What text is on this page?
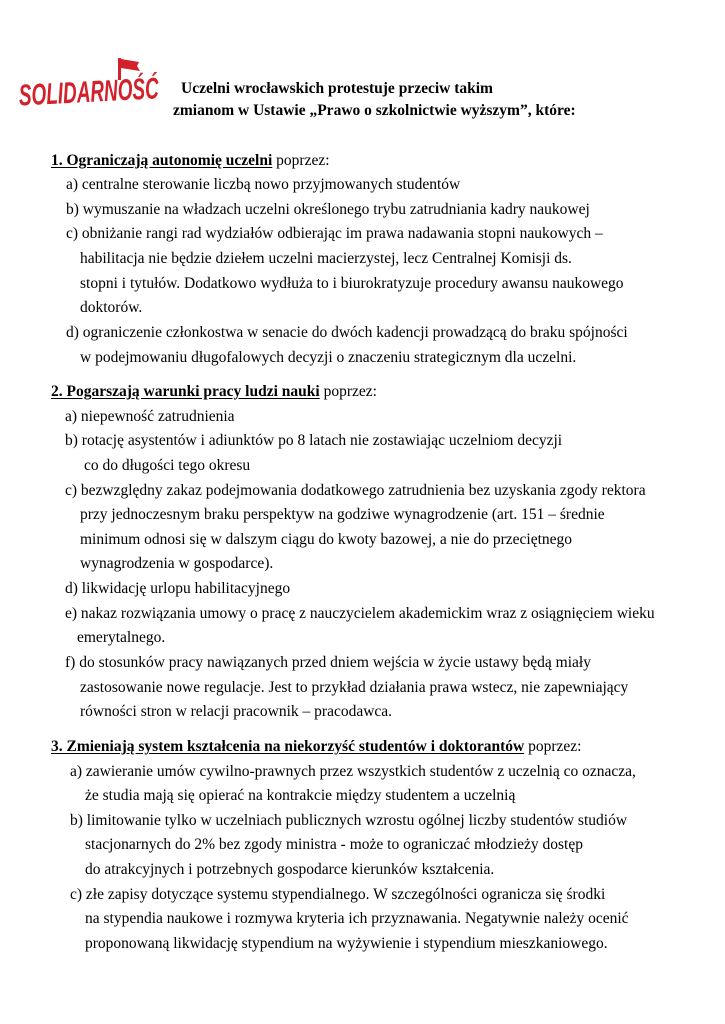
SOLIDARNOŚĆ
Uczelni wrocławskich protestuje przeciw takim
zmianom w Ustawie „Prawo o szkolnictwie wyższym”, które:
1. Ograniczają autonomię uczelni poprzez:
a) centralne sterowanie liczbą nowo przyjmowanych studentów
b) wymuszanie na władzach uczelni określonego trybu zatrudniania kadry naukowej
c) obniżanie rangi rad wydziałów odbierając im prawa nadawania stopni naukowych –
habilitacja nie będzie dziełem uczelni macierzystej, lecz Centralnej Komisji ds.
stopni i tytułów. Dodatkowo wydłuża to i biurokratyzuje procedury awansu naukowego
doktorów.
d) ograniczenie członkostwa w senacie do dwóch kadencji prowadzącą do braku spójności
w podejmowaniu długofalowych decyzji o znaczeniu strategicznym dla uczelni.
2. Pogarszają warunki pracy ludzi nauki poprzez:
a) niepewność zatrudnienia
b) rotację asystentów i adiunktów po 8 latach nie zostawiając uczelniom decyzji
co do długości tego okresu
c) bezwzględny zakaz podejmowania dodatkowego zatrudnienia bez uzyskania zgody rektora
przy jednoczesnym braku perspektyw na godziwe wynagrodzenie (art. 151 – średnie
minimum odnosi się w dalszym ciągu do kwoty bazowej, a nie do przeciętnego
wynagrodzenia w gospodarce).
d) likwidację urlopu habilitacyjnego
e) nakaz rozwiązania umowy o pracę z nauczycielem akademickim wraz z osiągnięciem wieku
emerytalnego.
f) do stosunków pracy nawiązanych przed dniem wejścia w życie ustawy będą miały
zastosowanie nowe regulacje. Jest to przykład działania prawa wstecz, nie zapewniający
równości stron w relacji pracownik – pracodawca.
3. Zmieniają system kształcenia na niekorzyść studentów i doktorantów poprzez:
a) zawieranie umów cywilno-prawnych przez wszystkich studentów z uczelnią co oznacza,
że studia mają się opierać na kontrakcie między studentem a uczelnią
b) limitowanie tylko w uczelniach publicznych wzrostu ogólnej liczby studentów studiów
stacjonarnych do 2% bez zgody ministra - może to ograniczać młodzieży dostęp
do atrakcyjnych i potrzebnych gospodarce kierunków kształcenia.
c) złe zapisy dotyczące systemu stypendialnego. W szczególności ogranicza się środki
na stypendia naukowe i rozmywa kryteria ich przyznawania. Negatywnie należy ocenić
proponowaną likwidację stypendium na wyżywienie i stypendium mieszkaniowego.
